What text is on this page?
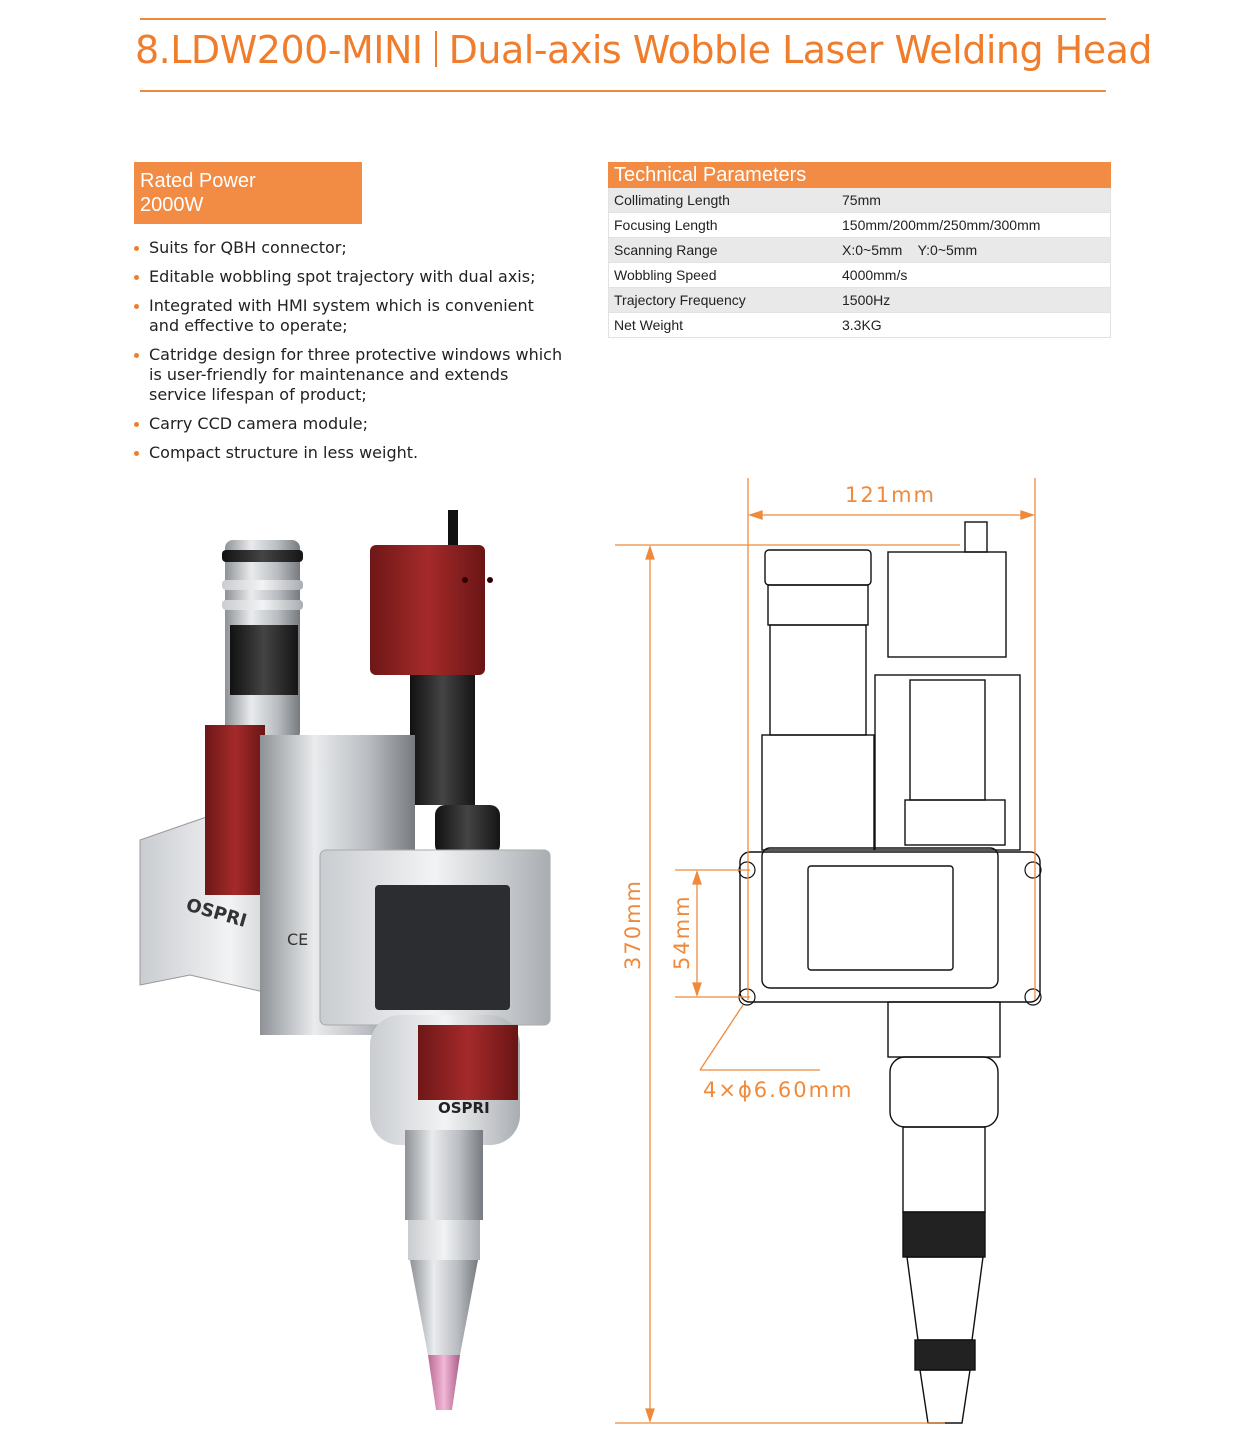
8.LDW200-MINI Dual-axis Wobble Laser Welding Head
Rated Power
2000W
Suits for QBH connector;
Editable wobbling spot trajectory with dual axis;
Integrated with HMI system which is convenient and effective to operate;
Catridge design for three protective windows which is user-friendly for maintenance and extends service lifespan of product;
Carry CCD camera module;
Compact structure in less weight.
Technical Parameters
Collimating Length	75mm
Focusing Length	150mm/200mm/250mm/300mm
Scanning Range	X:0~5mm    Y:0~5mm
Wobbling Speed	4000mm/s
Trajectory Frequency	1500Hz
Net Weight	3.3KG
OSPRI
CE
OSPRI
121mm
370mm 54mm
4×ϕ6.60mm
